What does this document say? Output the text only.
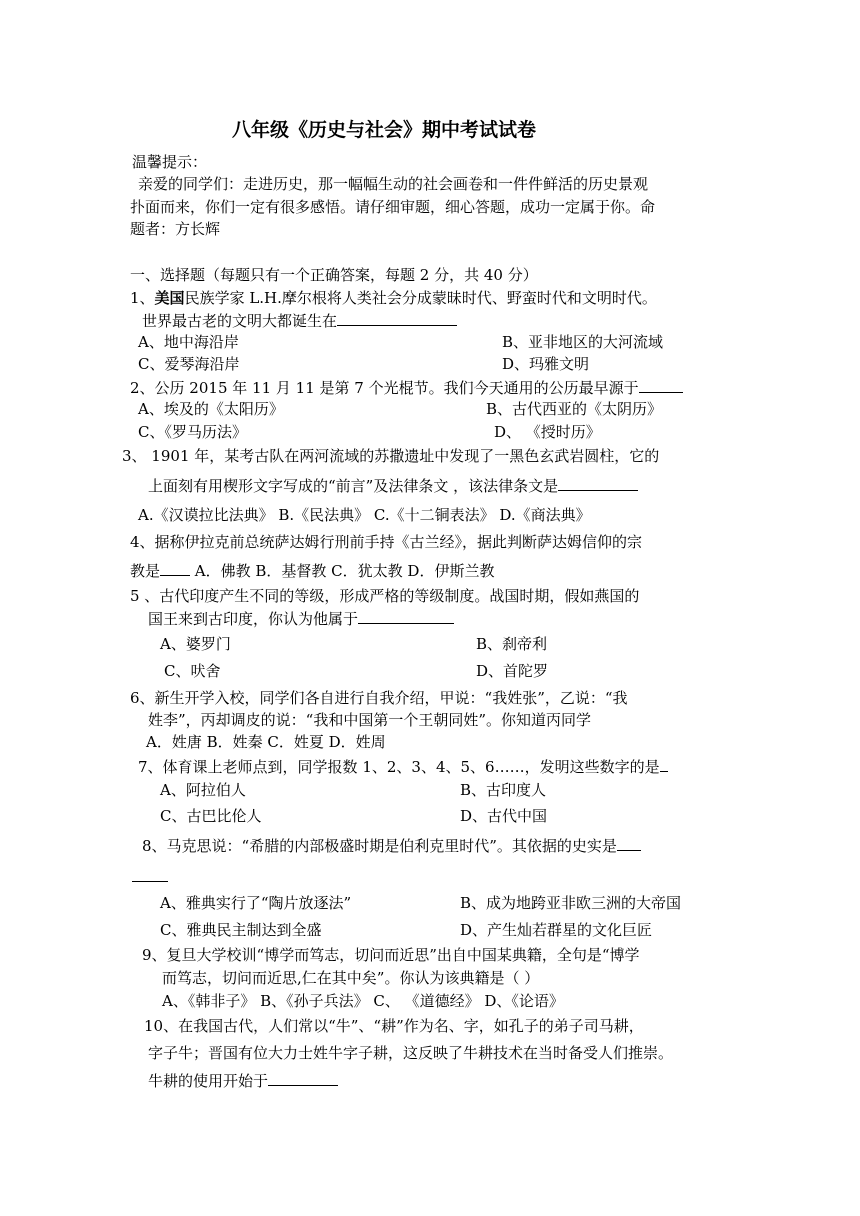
八年级《历史与社会》期中考试试卷
温馨提示：
亲爱的同学们：走进历史，那一幅幅生动的社会画卷和一件件鲜活的历史景观
扑面而来，你们一定有很多感悟。请仔细审题，细心答题，成功一定属于你。命
题者：方长辉
一、选择题（每题只有一个正确答案，每题 2 分，共 40 分）
1、美国民族学家 L.H.摩尔根将人类社会分成蒙昧时代、野蛮时代和文明时代。
世界最古老的文明大都诞生在
A、地中海沿岸	B、亚非地区的大河流域
C、爱琴海沿岸	D、玛雅文明
2、公历 2015 年 11 月 11 是第 7 个光棍节。我们今天通用的公历最早源于
A、埃及的《太阳历》	B、古代西亚的《太阴历》
C、《罗马历法》	D、 《授时历》
3、 1901 年，某考古队在两河流域的苏撒遗址中发现了一黑色玄武岩圆柱，它的
上面刻有用楔形文字写成的“前言”及法律条文 ，该法律条文是
A.《汉谟拉比法典》 B.《民法典》 C.《十二铜表法》 D.《商法典》
4、据称伊拉克前总统萨达姆行刑前手持《古兰经》，据此判断萨达姆信仰的宗
教是 A．佛教 B．基督教 C．犹太教 D．伊斯兰教
5 、古代印度产生不同的等级，形成严格的等级制度。战国时期，假如燕国的
国王来到古印度，你认为他属于
A、婆罗门	B、刹帝利
C、吠舍	D、首陀罗
6、新生开学入校，同学们各自进行自我介绍，甲说：“我姓张”，乙说：“我
姓李”，丙却调皮的说：“我和中国第一个王朝同姓”。你知道丙同学
A．姓唐 B．姓秦 C．姓夏 D．姓周
7、体育课上老师点到，同学报数 1、2、3、4、5、6……，发明这些数字的是
A、阿拉伯人	B、古印度人
C、古巴比伦人	D、古代中国
8、马克思说：“希腊的内部极盛时期是伯利克里时代”。其依据的史实是
A、雅典实行了“陶片放逐法”	B、成为地跨亚非欧三洲的大帝国
C、雅典民主制达到全盛	D、产生灿若群星的文化巨匠
9、复旦大学校训“博学而笃志，切问而近思”出自中国某典籍，全句是“博学
而笃志，切问而近思,仁在其中矣”。你认为该典籍是（ ）
A、《韩非子》 B、《孙子兵法》 C、 《道德经》 D、《论语》
10、在我国古代，人们常以“牛”、“耕”作为名、字，如孔子的弟子司马耕，
字子牛；晋国有位大力士姓牛字子耕，这反映了牛耕技术在当时备受人们推崇。
牛耕的使用开始于
